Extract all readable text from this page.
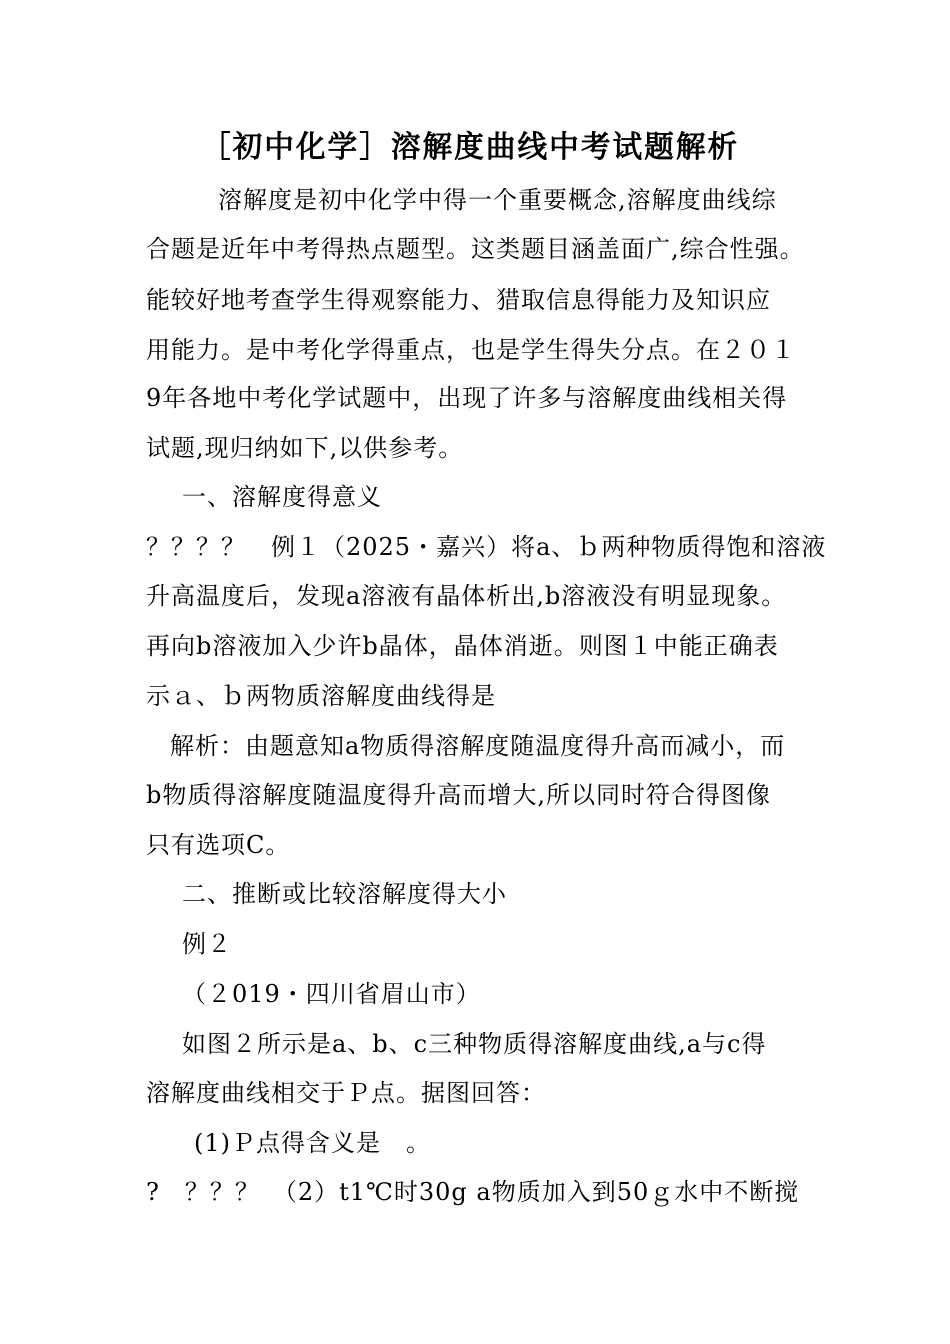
［初中化学］溶解度曲线中考试题解析
溶解度是初中化学中得一个重要概念,溶解度曲线综
合题是近年中考得热点题型。这类题目涵盖面广,综合性强。
能较好地考查学生得观察能力、猎取信息得能力及知识应
用能力。是中考化学得重点，也是学生得失分点。在２０１
9年各地中考化学试题中，出现了许多与溶解度曲线相关得
试题,现归纳如下,以供参考。
一、溶解度得意义
？？？？　例１（2025・嘉兴）将a、ｂ两种物质得饱和溶液
升高温度后，发现a溶液有晶体析出,b溶液没有明显现象。
再向b溶液加入少许b晶体，晶体消逝。则图１中能正确表
示ａ、ｂ两物质溶解度曲线得是
解析：由题意知a物质得溶解度随温度得升高而减小，而
b物质得溶解度随温度得升高而增大,所以同时符合得图像
只有选项C。
二、推断或比较溶解度得大小
例２
（２019・四川省眉山市）
如图２所示是a、b、c三种物质得溶解度曲线,a与c得
溶解度曲线相交于Ｐ点。据图回答：
(1)Ｐ点得含义是　。
?　？？？　（2）t1℃时30g a物质加入到50ｇ水中不断搅
